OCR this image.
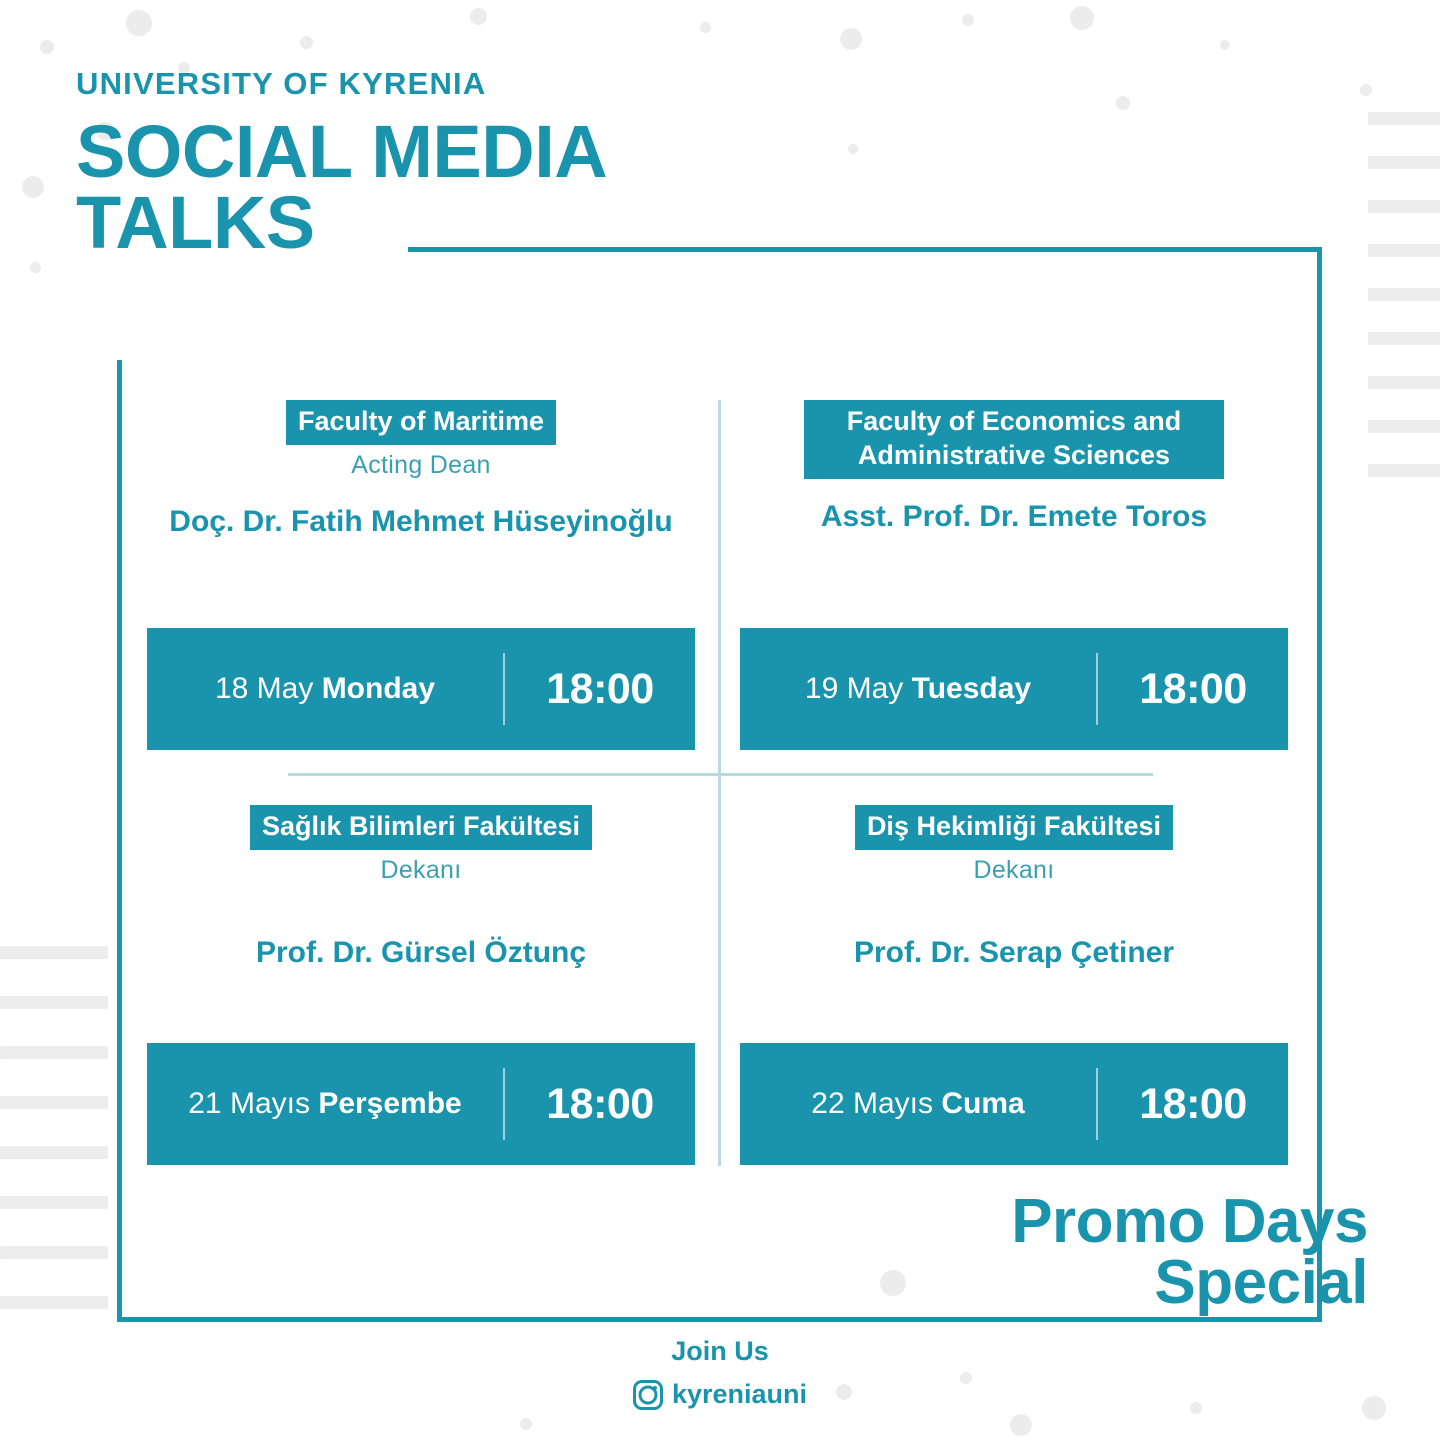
UNIVERSITY OF KYRENIA
SOCIAL MEDIA
TALKS
Faculty of Maritime
Acting Dean
Doç. Dr. Fatih Mehmet Hüseyinoğlu
18 May Monday	18:00
Faculty of Economics and Administrative Sciences
Asst. Prof. Dr. Emete Toros
19 May Tuesday	18:00
Sağlık Bilimleri Fakültesi
Dekanı
Prof. Dr. Gürsel Öztunç
21 Mayıs Perşembe	18:00
Diş Hekimliği Fakültesi
Dekanı
Prof. Dr. Serap Çetiner
22 Mayıs Cuma	18:00
Promo Days
Special
Join Us
kyreniauni
